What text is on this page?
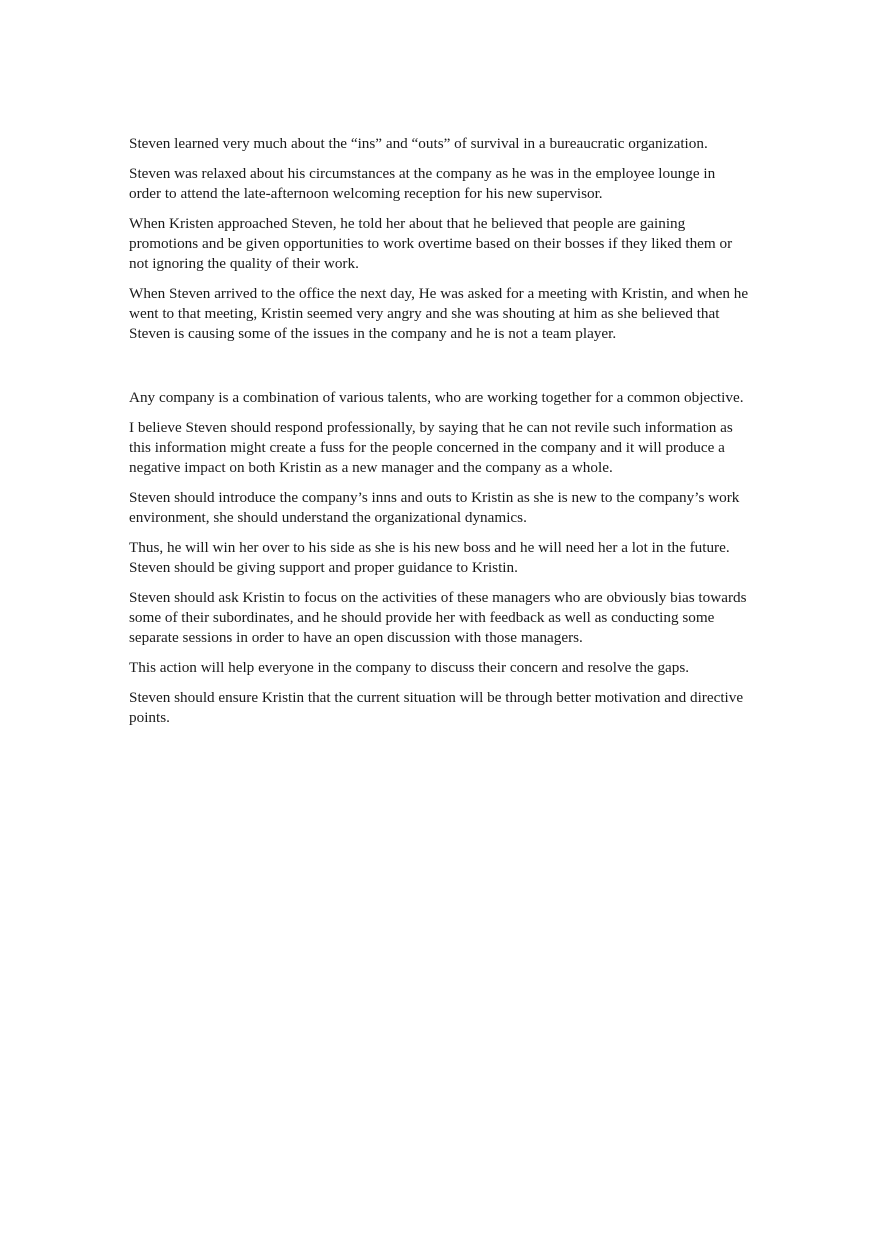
Steven learned very much about the “ins” and “outs” of survival in a bureaucratic organization.

Steven was relaxed about his circumstances at the company as he was in the employee lounge in order to attend the late-afternoon welcoming reception for his new supervisor.

When Kristen approached Steven, he told her about that he believed that people are gaining promotions and be given opportunities to work overtime based on their bosses if they liked them or not ignoring the quality of their work.

When Steven arrived to the office the next day, He was asked for a meeting with Kristin, and when he went to that meeting, Kristin seemed very angry and she was shouting at him as she believed that Steven is causing some of the issues in the company and he is not a team player.

Any company is a combination of various talents, who are working together for a common objective.

I believe Steven should respond professionally, by saying that he can not revile such information as this information might create a fuss for the people concerned in the company and it will produce a negative impact on both Kristin as a new manager and the company as a whole.

Steven should introduce the company’s inns and outs to Kristin as she is new to the company’s work environment, she should understand the organizational dynamics.

Thus, he will win her over to his side as she is his new boss and he will need her a lot in the future. Steven should be giving support and proper guidance to Kristin.

Steven should ask Kristin to focus on the activities of these managers who are obviously bias towards some of their subordinates, and he should provide her with feedback as well as conducting some separate sessions in order to have an open discussion with those managers.

This action will help everyone in the company to discuss their concern and resolve the gaps.

Steven should ensure Kristin that the current situation will be through better motivation and directive points.
